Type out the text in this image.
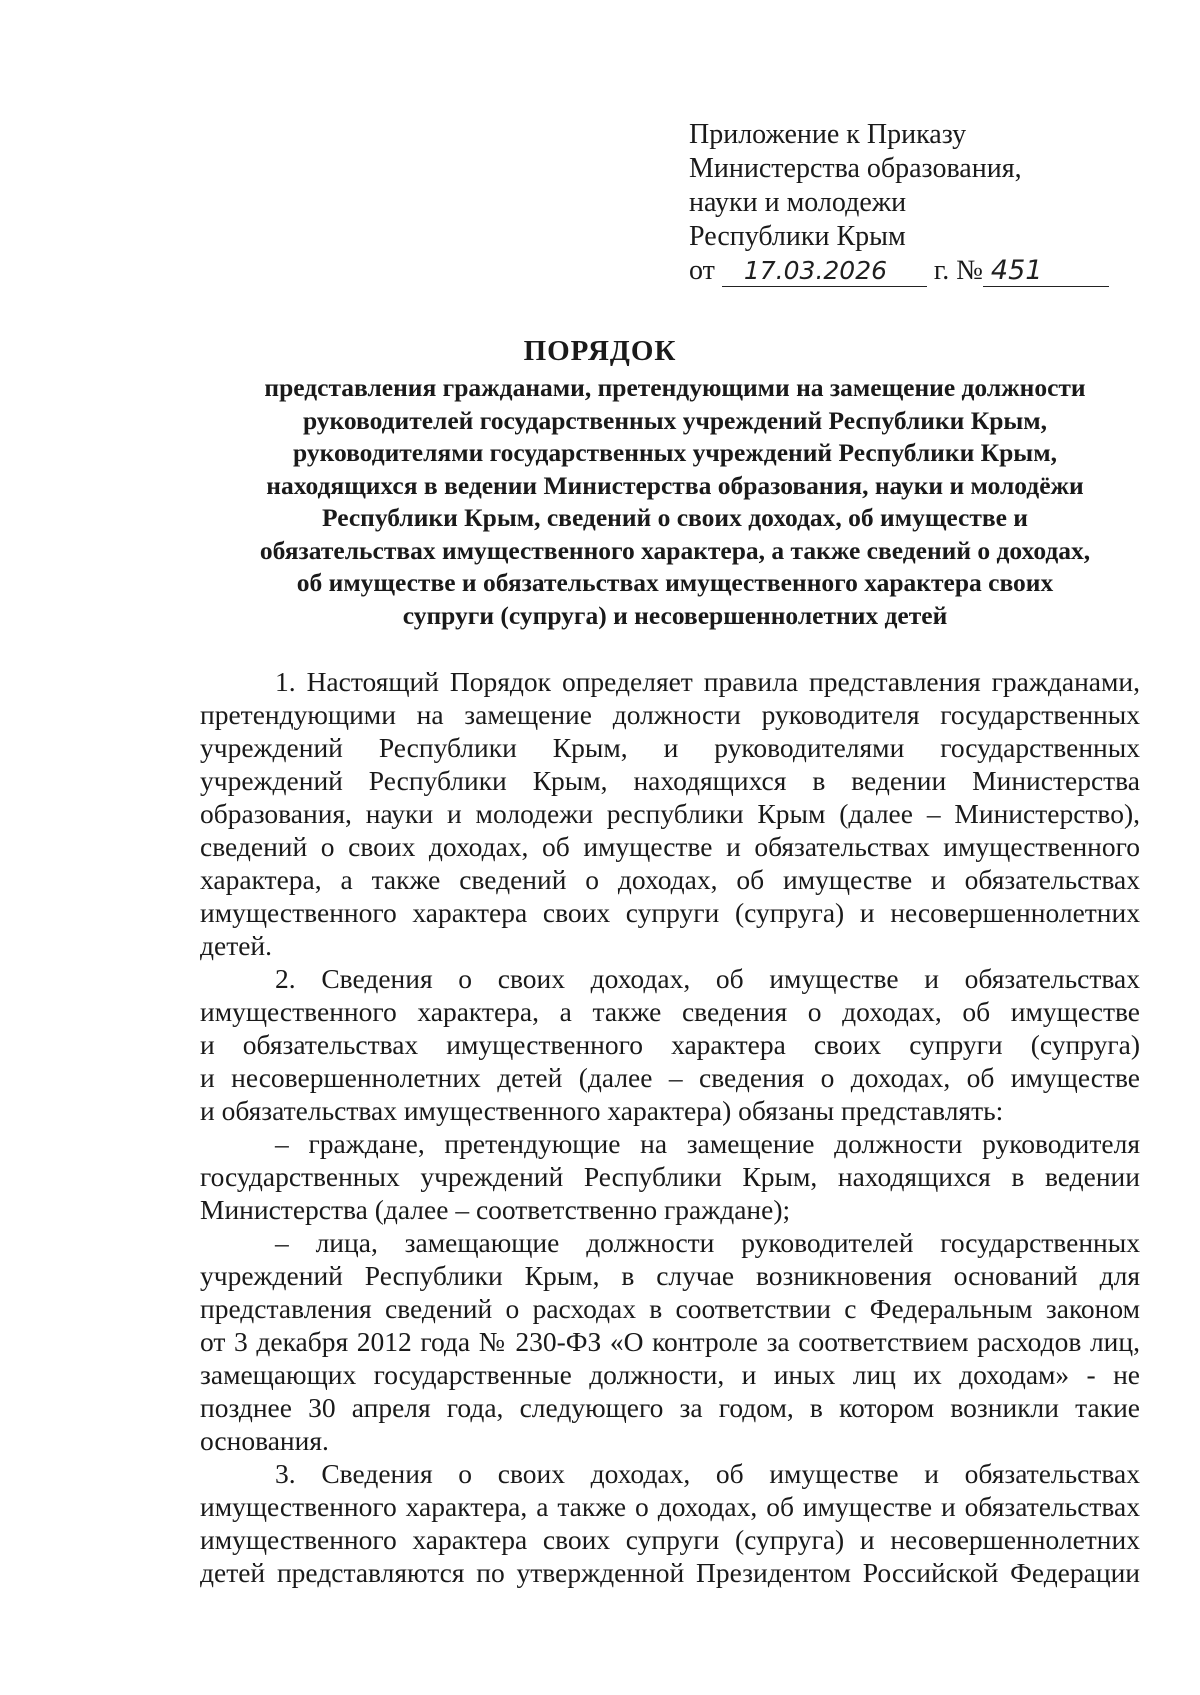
Приложение к Приказу
Министерства образования,
науки и молодежи
Республики Крым
от 17.03.2026 г. № 451
ПОРЯДОК
представления гражданами, претендующими на замещение должности
руководителей государственных учреждений Республики Крым,
руководителями государственных учреждений Республики Крым,
находящихся в ведении Министерства образования, науки и молодёжи
Республики Крым, сведений о своих доходах, об имуществе и
обязательствах имущественного характера, а также сведений о доходах,
об имуществе и обязательствах имущественного характера своих
супруги (супруга) и несовершеннолетних детей
1. Настоящий Порядок определяет правила представления гражданами,
претендующими на замещение должности руководителя государственных
учреждений Республики Крым, и руководителями государственных
учреждений Республики Крым, находящихся в ведении Министерства
образования, науки и молодежи республики Крым (далее – Министерство),
сведений о своих доходах, об имуществе и обязательствах имущественного
характера, а также сведений о доходах, об имуществе и обязательствах
имущественного характера своих супруги (супруга) и несовершеннолетних
детей.
2. Сведения о своих доходах, об имуществе и обязательствах
имущественного характера, а также сведения о доходах, об имуществе
и обязательствах имущественного характера своих супруги (супруга)
и несовершеннолетних детей (далее – сведения о доходах, об имуществе
и обязательствах имущественного характера) обязаны представлять:
– граждане, претендующие на замещение должности руководителя
государственных учреждений Республики Крым, находящихся в ведении
Министерства (далее – соответственно граждане);
– лица, замещающие должности руководителей государственных
учреждений Республики Крым, в случае возникновения оснований для
представления сведений о расходах в соответствии с Федеральным законом
от 3 декабря 2012 года № 230-ФЗ «О контроле за соответствием расходов лиц,
замещающих государственные должности, и иных лиц их доходам» - не
позднее 30 апреля года, следующего за годом, в котором возникли такие
основания.
3. Сведения о своих доходах, об имуществе и обязательствах
имущественного характера, а также о доходах, об имуществе и обязательствах
имущественного характера своих супруги (супруга) и несовершеннолетних
детей представляются по утвержденной Президентом Российской Федерации
